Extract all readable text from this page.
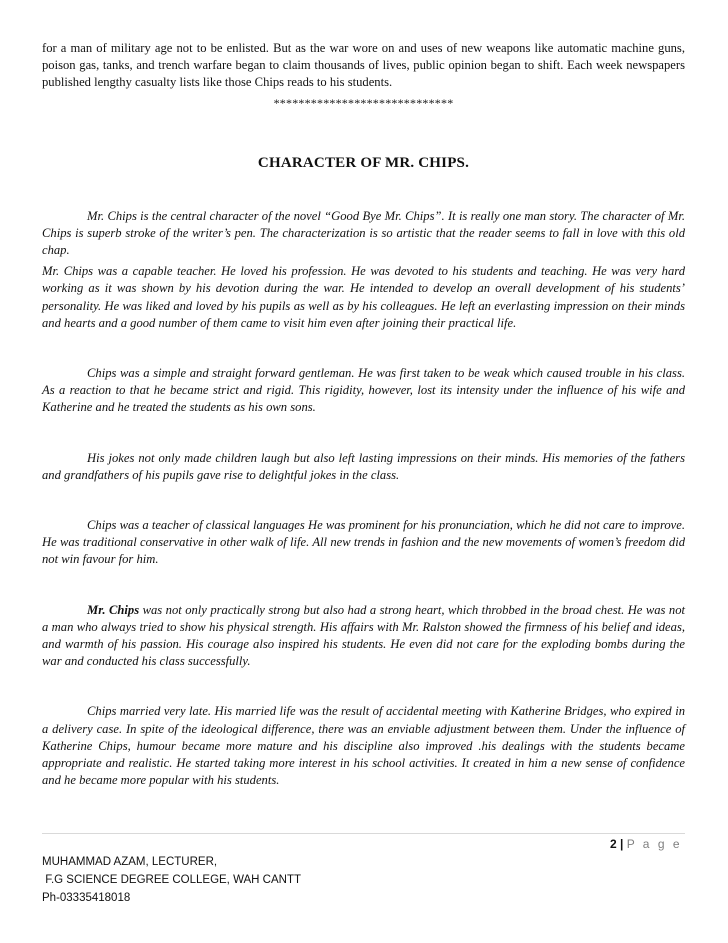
for a man of military age not to be enlisted. But as the war wore on and uses of new weapons like automatic machine guns, poison gas, tanks, and trench warfare began to claim thousands of lives, public opinion began to shift. Each week newspapers published lengthy casualty lists like those Chips reads to his students.

*****************************
CHARACTER OF MR. CHIPS.

Mr. Chips is the central character of the novel “Good Bye Mr. Chips”. It is really one man story. The character of Mr. Chips is superb stroke of the writer’s pen. The characterization is so artistic that the reader seems to fall in love with this old chap.

Mr. Chips was a capable teacher. He loved his profession. He was devoted to his students and teaching. He was very hard working as it was shown by his devotion during the war. He intended to develop an overall development of his students’ personality. He was liked and loved by his pupils as well as by his colleagues. He left an everlasting impression on their minds and hearts and a good number of them came to visit him even after joining their practical life.

Chips was a simple and straight forward gentleman. He was first taken to be weak which caused trouble in his class. As a reaction to that he became strict and rigid. This rigidity, however, lost its intensity under the influence of his wife and Katherine and he treated the students as his own sons.

His jokes not only made children laugh but also left lasting impressions on their minds. His memories of the fathers and grandfathers of his pupils gave rise to delightful jokes in the class.

Chips was a teacher of classical languages He was prominent for his pronunciation, which he did not care to improve. He was traditional conservative in other walk of life. All new trends in fashion and the new movements of women’s freedom did not win favour for him.

Mr. Chips was not only practically strong but also had a strong heart, which throbbed in the broad chest. He was not a man who always tried to show his physical strength. His affairs with Mr. Ralston showed the firmness of his belief and ideas, and warmth of his passion. His courage also inspired his students. He even did not care for the exploding bombs during the war and conducted his class successfully.

Chips married very late. His married life was the result of accidental meeting with Katherine Bridges, who expired in a delivery case. In spite of the ideological difference, there was an enviable adjustment between them. Under the influence of Katherine Chips, humour became more mature and his discipline also improved .his dealings with the students became appropriate and realistic. He started taking more interest in his school activities. It created in him a new sense of confidence and he became more popular with his students.

2 | P a g e
MUHAMMAD AZAM, LECTURER,
F.G SCIENCE DEGREE COLLEGE, WAH CANTT
Ph-03335418018
